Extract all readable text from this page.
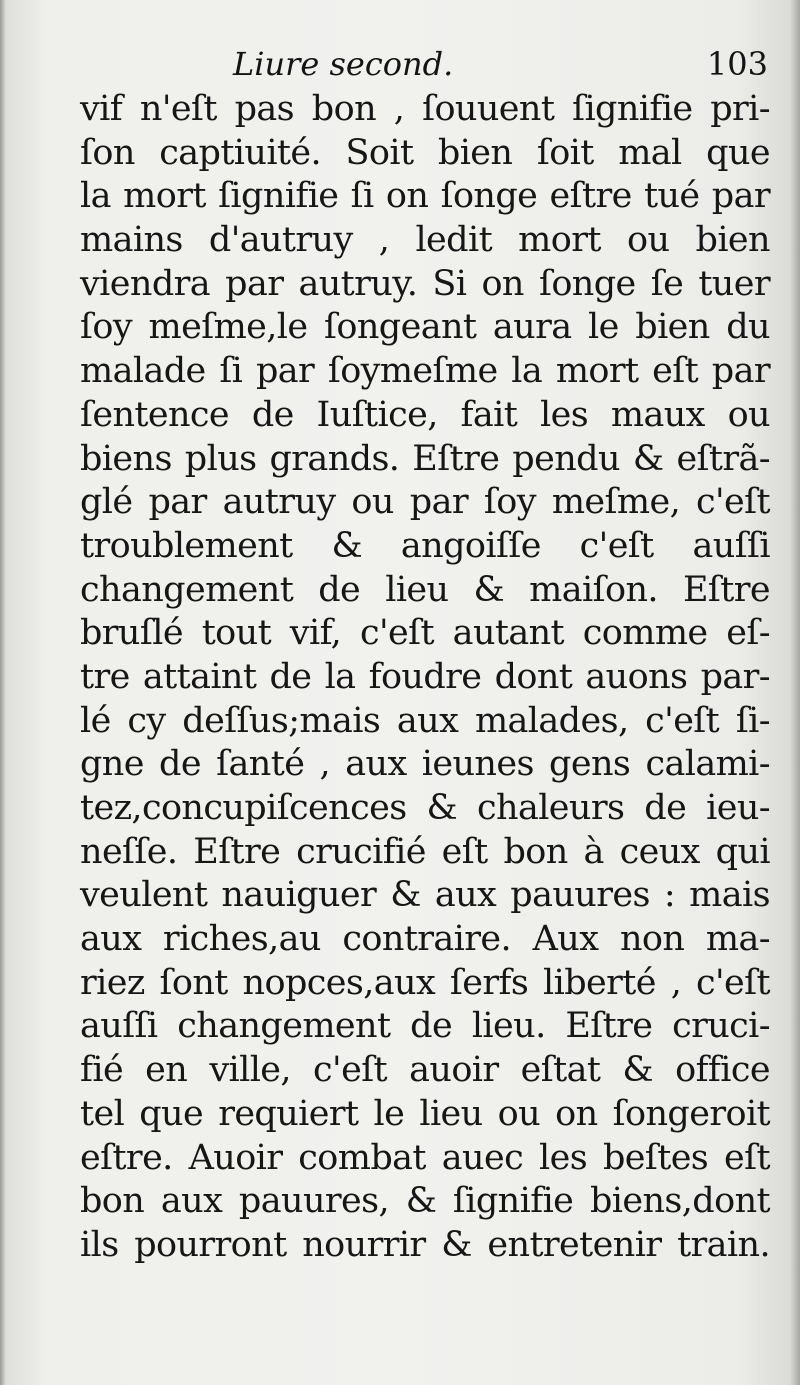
Liure second.	103
vif n'eſt pas bon , ſouuent ſignifie pri-
ſon captiuité. Soit bien ſoit mal que
la mort ſignifie ſi on ſonge eſtre tué par
mains d'autruy , ledit mort ou bien
viendra par autruy. Si on ſonge ſe tuer
ſoy meſme,le ſongeant aura le bien du
malade ſi par ſoymeſme la mort eſt par
ſentence de Iuſtice, fait les maux ou
biens plus grands. Eſtre pendu & eſtrã-
glé par autruy ou par ſoy meſme, c'eſt
troublement & angoiſſe c'eſt auſſi
changement de lieu & maiſon. Eſtre
bruſlé tout vif, c'eſt autant comme eſ-
tre attaint de la foudre dont auons par-
lé cy deſſus;mais aux malades, c'eſt ſi-
gne de ſanté , aux ieunes gens calami-
tez,concupiſcences & chaleurs de ieu-
neſſe. Eſtre crucifié eſt bon à ceux qui
veulent nauiguer & aux pauures : mais
aux riches,au contraire. Aux non ma-
riez ſont nopces,aux ſerfs liberté , c'eſt
auſſi changement de lieu. Eſtre cruci-
fié en ville, c'eſt auoir eſtat & office
tel que requiert le lieu ou on ſongeroit
eſtre. Auoir combat auec les beſtes eſt
bon aux pauures, & ſignifie biens,dont
ils pourront nourrir & entretenir train.
